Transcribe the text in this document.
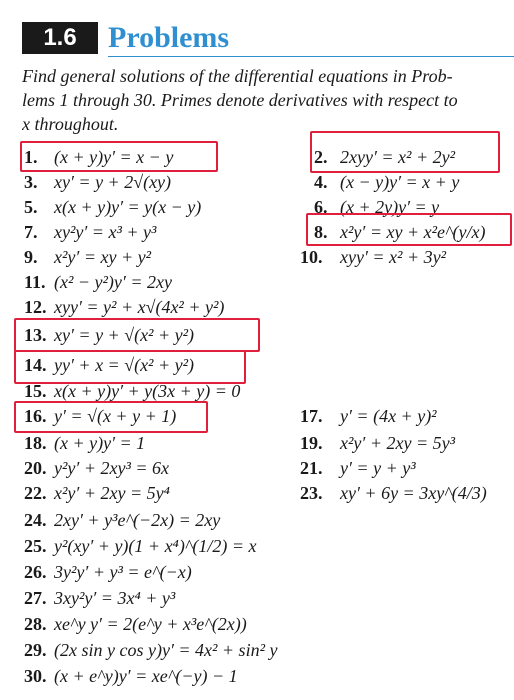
1.6	Problems
Find general solutions of the differential equations in Prob-
lems 1 through 30. Primes denote derivatives with respect to
x throughout.
1. (x + y)y′ = x − y
3. xy′ = y + 2√(xy)
5. x(x + y)y′ = y(x − y)
7. xy²y′ = x³ + y³
9. x²y′ = xy + y²
11. (x² − y²)y′ = 2xy
12. xyy′ = y² + x√(4x² + y²)
13. xy′ = y + √(x² + y²)
14. yy′ + x = √(x² + y²)
15. x(x + y)y′ + y(3x + y) = 0
16. y′ = √(x + y + 1)
18. (x + y)y′ = 1
20. y²y′ + 2xy³ = 6x
22. x²y′ + 2xy = 5y⁴
24. 2xy′ + y³e^(−2x) = 2xy
25. y²(xy′ + y)(1 + x⁴)^(1/2) = x
26. 3y²y′ + y³ = e^(−x)
27. 3xy²y′ = 3x⁴ + y³
28. xe^y y′ = 2(e^y + x³e^(2x))
29. (2x sin y cos y)y′ = 4x² + sin² y
30. (x + e^y)y′ = xe^(−y) − 1
2. 2xyy′ = x² + 2y²
4. (x − y)y′ = x + y
6. (x + 2y)y′ = y
8. x²y′ = xy + x²e^(y/x)
10. xyy′ = x² + 3y²
17. y′ = (4x + y)²
19. x²y′ + 2xy = 5y³
21. y′ = y + y³
23. xy′ + 6y = 3xy^(4/3)
